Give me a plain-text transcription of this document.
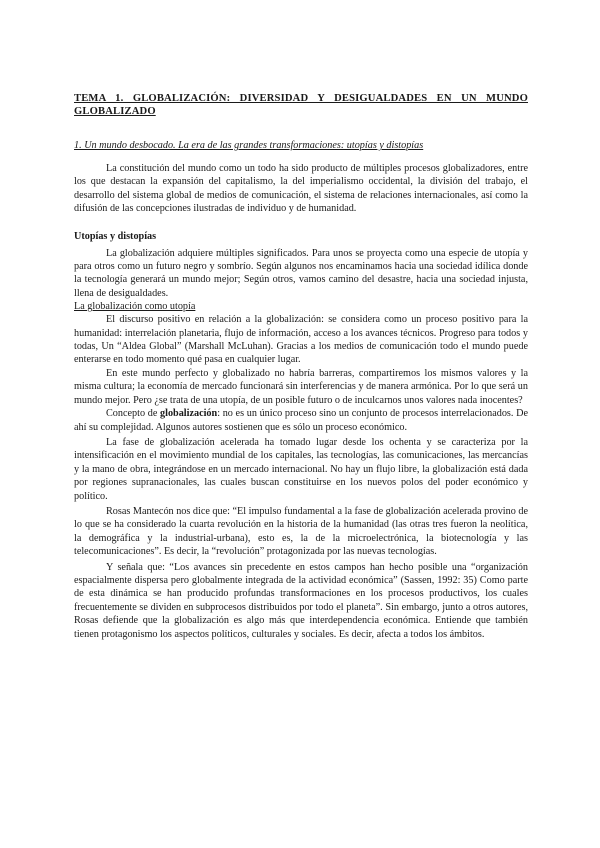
TEMA 1. GLOBALIZACIÓN: DIVERSIDAD Y DESIGUALDADES EN UN MUNDO GLOBALIZADO
1. Un mundo desbocado. La era de las grandes transformaciones: utopías y distopías

La constitución del mundo como un todo ha sido producto de múltiples procesos globalizadores, entre los que destacan la expansión del capitalismo, la del imperialismo occidental, la división del trabajo, el desarrollo del sistema global de medios de comunicación, el sistema de relaciones internacionales, así como la difusión de las concepciones ilustradas de individuo y de humanidad.

Utopías y distopías

La globalización adquiere múltiples significados. Para unos se proyecta como una especie de utopía y para otros como un futuro negro y sombrío. Según algunos nos encaminamos hacia una sociedad idílica donde la tecnología generará un mundo mejor; Según otros, vamos camino del desastre, hacia una sociedad injusta, llena de desigualdades.

La globalización como utopía

El discurso positivo en relación a la globalización: se considera como un proceso positivo para la humanidad: interrelación planetaria, flujo de información, acceso a los avances técnicos. Progreso para todos y todas, Un “Aldea Global” (Marshall McLuhan). Gracias a los medios de comunicación todo el mundo puede enterarse en todo momento qué pasa en cualquier lugar.

En este mundo perfecto y globalizado no habría barreras, compartiremos los mismos valores y la misma cultura; la economía de mercado funcionará sin interferencias y de manera armónica. Por lo que será un mundo mejor. Pero ¿se trata de una utopía, de un posible futuro o de inculcarnos unos valores nada inocentes?

Concepto de globalización: no es un único proceso sino un conjunto de procesos interrelacionados. De ahí su complejidad. Algunos autores sostienen que es sólo un proceso económico.

La fase de globalización acelerada ha tomado lugar desde los ochenta y se caracteriza por la intensificación en el movimiento mundial de los capitales, las tecnologías, las comunicaciones, las mercancías y la mano de obra, integrándose en un mercado internacional. No hay un flujo libre, la globalización está dada por regiones supranacionales, las cuales buscan constituirse en los nuevos polos del poder económico y político.

Rosas Mantecón nos dice que: “El impulso fundamental a la fase de globalización acelerada provino de lo que se ha considerado la cuarta revolución en la historia de la humanidad (las otras tres fueron la neolítica, la demográfica y la industrial-urbana), esto es, la de la microelectrónica, la biotecnología y las telecomunicaciones”. Es decir, la “revolución” protagonizada por las nuevas tecnologías.

Y señala que: “Los avances sin precedente en estos campos han hecho posible una “organización espacialmente dispersa pero globalmente integrada de la actividad económica” (Sassen, 1992: 35) Como parte de esta dinámica se han producido profundas transformaciones en los procesos productivos, los cuales frecuentemente se dividen en subprocesos distribuidos por todo el planeta”. Sin embargo, junto a otros autores, Rosas defiende que la globalización es algo más que interdependencia económica. Entiende que también tienen protagonismo los aspectos políticos, culturales y sociales. Es decir, afecta a todos los ámbitos.
